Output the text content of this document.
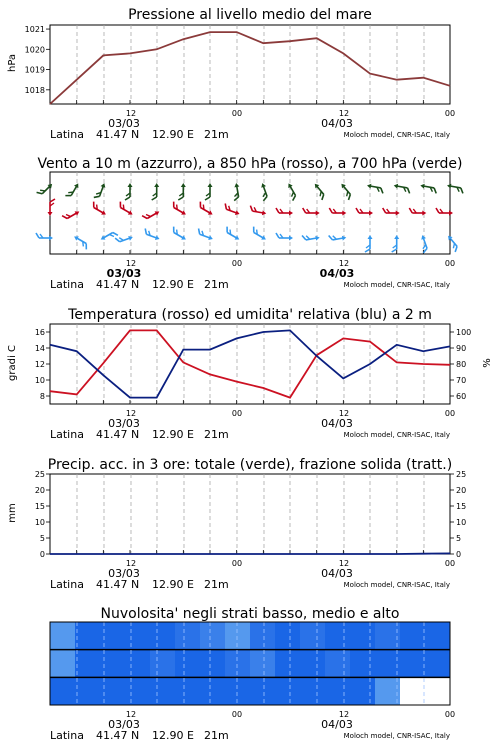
Pressione al livello medio del mare
hPa
1018
1019
1020
1021
12	00	12	00
03/03	04/03
Latina 41.47 N 12.90 E 21m	Moloch model, CNR-ISAC, Italy
Vento a 10 m (azzurro), a 850 hPa (rosso), a 700 hPa (verde)
12	00	12	00
03/03	04/03
Latina 41.47 N 12.90 E 21m	Moloch model, CNR-ISAC, Italy
Temperatura (rosso) ed umidita' relativa (blu) a 2 m
gradi C	%
8
10
12
14
16
60
70
80
90
100
12	00	12	00
03/03	04/03
Latina 41.47 N 12.90 E 21m	Moloch model, CNR-ISAC, Italy
Precip. acc. in 3 ore: totale (verde), frazione solida (tratt.)
mm
0
5
10
15
20
25
0
5
10
15
20
25
12	00	12	00
03/03	04/03
Latina 41.47 N 12.90 E 21m	Moloch model, CNR-ISAC, Italy
Nuvolosita' negli strati basso, medio e alto
12	00	12	00
03/03	04/03
Latina 41.47 N 12.90 E 21m	Moloch model, CNR-ISAC, Italy
